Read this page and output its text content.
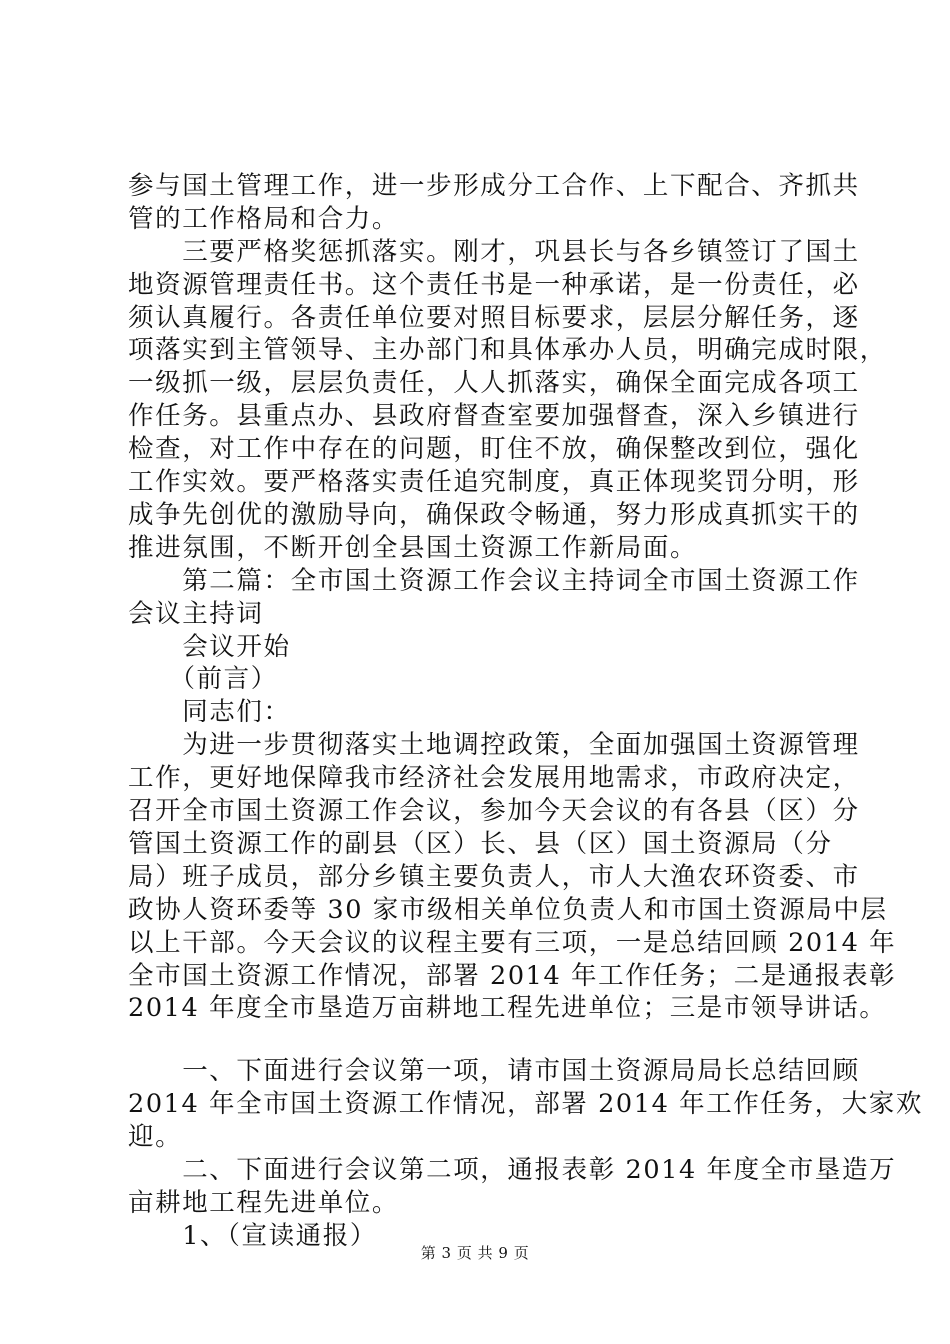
参与国土管理工作，进一步形成分工合作、上下配合、齐抓共
管的工作格局和合力。
　　三要严格奖惩抓落实。刚才，巩县长与各乡镇签订了国土
地资源管理责任书。这个责任书是一种承诺，是一份责任，必
须认真履行。各责任单位要对照目标要求，层层分解任务，逐
项落实到主管领导、主办部门和具体承办人员，明确完成时限，
一级抓一级，层层负责任，人人抓落实，确保全面完成各项工
作任务。县重点办、县政府督查室要加强督查，深入乡镇进行
检查，对工作中存在的问题，盯住不放，确保整改到位，强化
工作实效。要严格落实责任追究制度，真正体现奖罚分明，形
成争先创优的激励导向，确保政令畅通，努力形成真抓实干的
推进氛围，不断开创全县国土资源工作新局面。
　　第二篇：全市国土资源工作会议主持词全市国土资源工作
会议主持词
　　会议开始
　　（前言）
　　同志们：
　　为进一步贯彻落实土地调控政策，全面加强国土资源管理
工作，更好地保障我市经济社会发展用地需求，市政府决定，
召开全市国土资源工作会议，参加今天会议的有各县（区）分
管国土资源工作的副县（区）长、县（区）国土资源局（分
局）班子成员，部分乡镇主要负责人，市人大渔农环资委、市
政协人资环委等 30 家市级相关单位负责人和市国土资源局中层
以上干部。今天会议的议程主要有三项，一是总结回顾 2014 年
全市国土资源工作情况，部署 2014 年工作任务；二是通报表彰
2014 年度全市垦造万亩耕地工程先进单位；三是市领导讲话。
　　一、下面进行会议第一项，请市国土资源局局长总结回顾
2014 年全市国土资源工作情况，部署 2014 年工作任务，大家欢
迎。
　　二、下面进行会议第二项，通报表彰 2014 年度全市垦造万
亩耕地工程先进单位。
　　1、（宣读通报）
第 3 页 共 9 页
